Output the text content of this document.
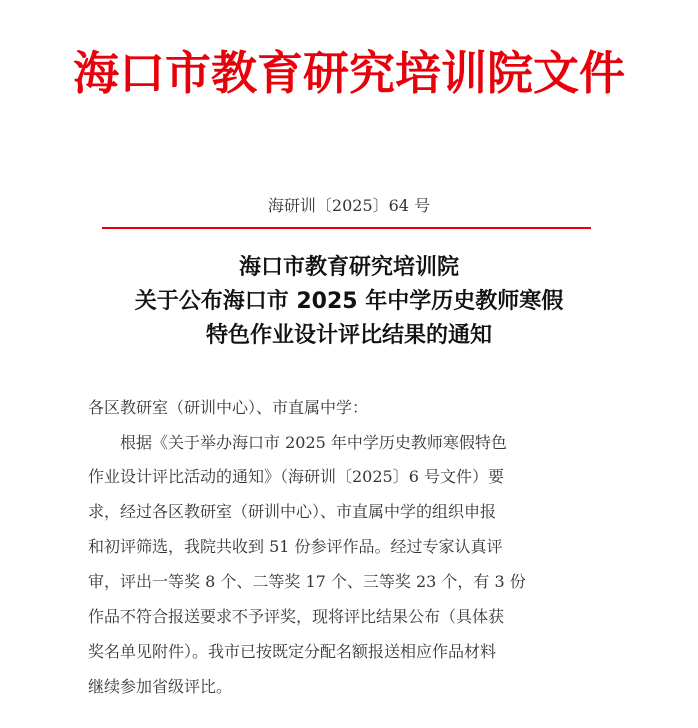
海口市教育研究培训院文件
海研训〔2025〕64 号
海口市教育研究培训院
关于公布海口市 2025 年中学历史教师寒假
特色作业设计评比结果的通知
各区教研室（研训中心）、市直属中学：
根据《关于举办海口市 2025 年中学历史教师寒假特色
作业设计评比活动的通知》（海研训〔2025〕6 号文件）要
求，经过各区教研室（研训中心）、市直属中学的组织申报
和初评筛选，我院共收到 51 份参评作品。经过专家认真评
审，评出一等奖 8 个、二等奖 17 个、三等奖 23 个，有 3 份
作品不符合报送要求不予评奖，现将评比结果公布（具体获
奖名单见附件）。我市已按既定分配名额报送相应作品材料
继续参加省级评比。
